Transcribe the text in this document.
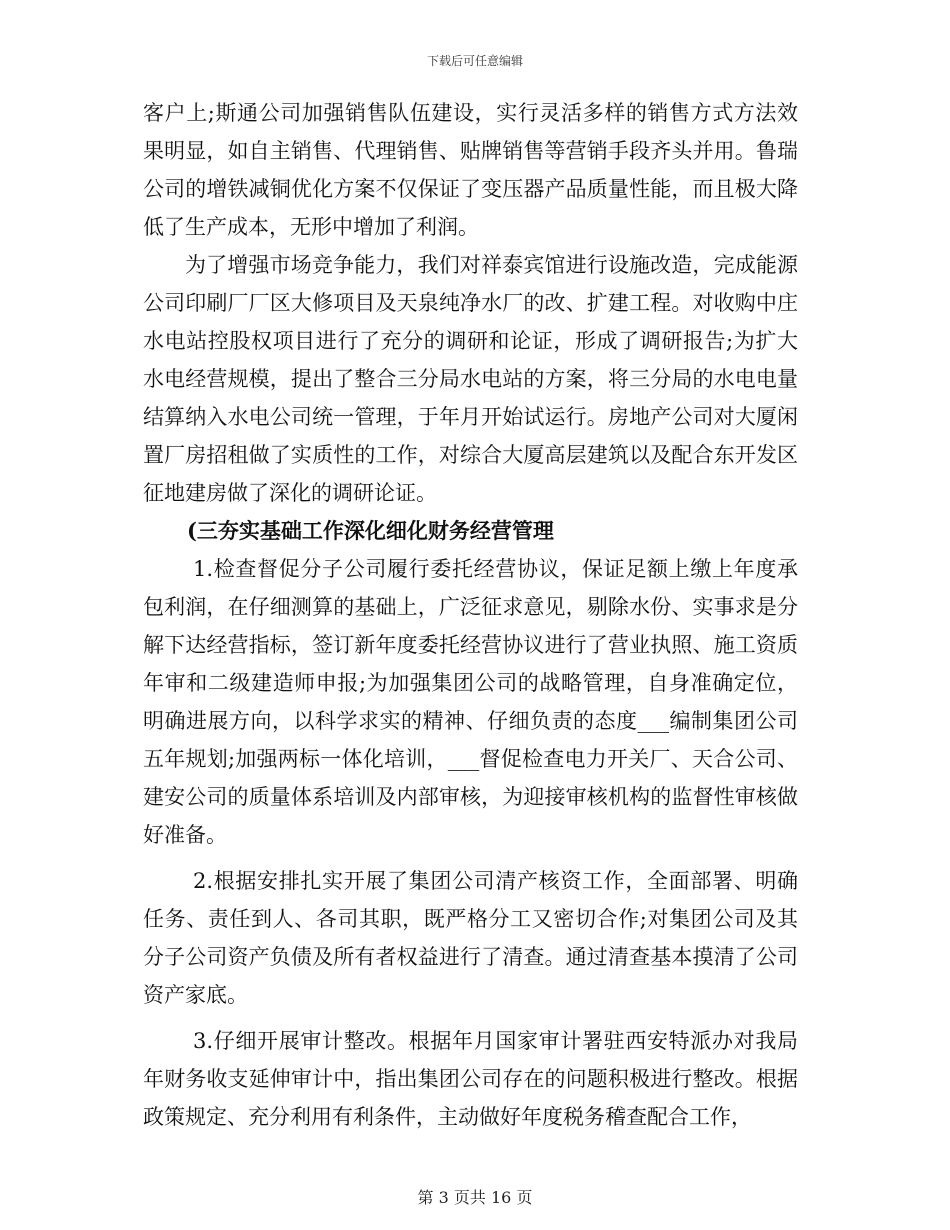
下载后可任意编辑

客户上;斯通公司加强销售队伍建设，实行灵活多样的销售方式方法效果明显，如自主销售、代理销售、贴牌销售等营销手段齐头并用。鲁瑞公司的增铁减铜优化方案不仅保证了变压器产品质量性能，而且极大降低了生产成本，无形中增加了利润。

为了增强市场竞争能力，我们对祥泰宾馆进行设施改造，完成能源公司印刷厂厂区大修项目及天泉纯净水厂的改、扩建工程。对收购中庄水电站控股权项目进行了充分的调研和论证，形成了调研报告;为扩大水电经营规模，提出了整合三分局水电站的方案，将三分局的水电电量结算纳入水电公司统一管理，于年月开始试运行。房地产公司对大厦闲置厂房招租做了实质性的工作，对综合大厦高层建筑以及配合东开发区征地建房做了深化的调研论证。

(三夯实基础工作深化细化财务经营管理

1.检查督促分子公司履行委托经营协议，保证足额上缴上年度承包利润，在仔细测算的基础上，广泛征求意见，剔除水份、实事求是分解下达经营指标，签订新年度委托经营协议进行了营业执照、施工资质年审和二级建造师申报;为加强集团公司的战略管理，自身准确定位，明确进展方向，以科学求实的精神、仔细负责的态度___编制集团公司五年规划;加强两标一体化培训，___督促检查电力开关厂、天合公司、建安公司的质量体系培训及内部审核，为迎接审核机构的监督性审核做好准备。

2.根据安排扎实开展了集团公司清产核资工作，全面部署、明确任务、责任到人、各司其职，既严格分工又密切合作;对集团公司及其分子公司资产负债及所有者权益进行了清查。通过清查基本摸清了公司资产家底。

3.仔细开展审计整改。根据年月国家审计署驻西安特派办对我局年财务收支延伸审计中，指出集团公司存在的问题积极进行整改。根据政策规定、充分利用有利条件，主动做好年度税务稽查配合工作，

第 3 页共 16 页
